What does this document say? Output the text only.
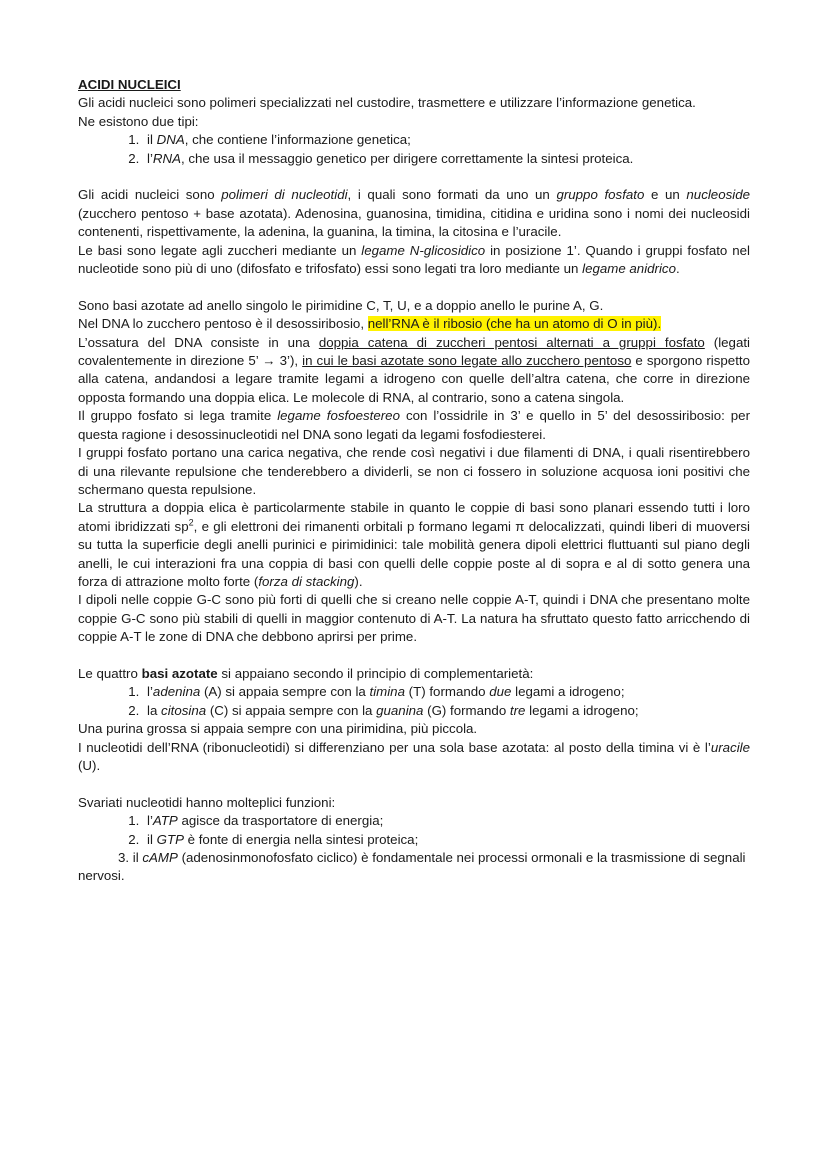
ACIDI NUCLEICI

Gli acidi nucleici sono polimeri specializzati nel custodire, trasmettere e utilizzare l’informazione genetica.

Ne esistono due tipi:

1. il DNA, che contiene l’informazione genetica;
2. l’RNA, che usa il messaggio genetico per dirigere correttamente la sintesi proteica.

Gli acidi nucleici sono polimeri di nucleotidi, i quali sono formati da uno un gruppo fosfato e un nucleoside (zucchero pentoso + base azotata). Adenosina, guanosina, timidina, citidina e uridina sono i nomi dei nucleosidi contenenti, rispettivamente, la adenina, la guanina, la timina, la citosina e l’uracile.

Le basi sono legate agli zuccheri mediante un legame N-glicosidico in posizione 1’. Quando i gruppi fosfato nel nucleotide sono più di uno (difosfato e trifosfato) essi sono legati tra loro mediante un legame anidrico.

Sono basi azotate ad anello singolo le pirimidine C, T, U, e a doppio anello le purine A, G.

Nel DNA lo zucchero pentoso è il desossiribosio, nell’RNA è il ribosio (che ha un atomo di O in più).

L’ossatura del DNA consiste in una doppia catena di zuccheri pentosi alternati a gruppi fosfato (legati covalentemente in direzione 5’ → 3’), in cui le basi azotate sono legate allo zucchero pentoso e sporgono rispetto alla catena, andandosi a legare tramite legami a idrogeno con quelle dell’altra catena, che corre in direzione opposta formando una doppia elica. Le molecole di RNA, al contrario, sono a catena singola.

Il gruppo fosfato si lega tramite legame fosfoestereo con l’ossidrile in 3’ e quello in 5’ del desossiribosio: per questa ragione i desossinucleotidi nel DNA sono legati da legami fosfodiesterei.

I gruppi fosfato portano una carica negativa, che rende così negativi i due filamenti di DNA, i quali risentirebbero di una rilevante repulsione che tenderebbero a dividerli, se non ci fossero in soluzione acquosa ioni positivi che schermano questa repulsione.

La struttura a doppia elica è particolarmente stabile in quanto le coppie di basi sono planari essendo tutti i loro atomi ibridizzati $sp^2$, e gli elettroni dei rimanenti orbitali p formano legami π delocalizzati, quindi liberi di muoversi su tutta la superficie degli anelli purinici e pirimidinici: tale mobilità genera dipoli elettrici fluttuanti sul piano degli anelli, le cui interazioni fra una coppia di basi con quelli delle coppie poste al di sopra e al di sotto genera una forza di attrazione molto forte (forza di stacking).

I dipoli nelle coppie G-C sono più forti di quelli che si creano nelle coppie A-T, quindi i DNA che presentano molte coppie G-C sono più stabili di quelli in maggior contenuto di A-T. La natura ha sfruttato questo fatto arricchendo di coppie A-T le zone di DNA che debbono aprirsi per prime.

Le quattro basi azotate si appaiano secondo il principio di complementarietà:

1. l’adenina (A) si appaia sempre con la timina (T) formando due legami a idrogeno;
2. la citosina (C) si appaia sempre con la guanina (G) formando tre legami a idrogeno;

Una purina grossa si appaia sempre con una pirimidina, più piccola.

I nucleotidi dell’RNA (ribonucleotidi) si differenziano per una sola base azotata: al posto della timina vi è l’uracile (U).

Svariati nucleotidi hanno molteplici funzioni:

1. l’ATP agisce da trasportatore di energia;
2. il GTP è fonte di energia nella sintesi proteica;
3. il cAMP (adenosinmonofosfato ciclico) è fondamentale nei processi ormonali e la trasmissione di segnali nervosi.
